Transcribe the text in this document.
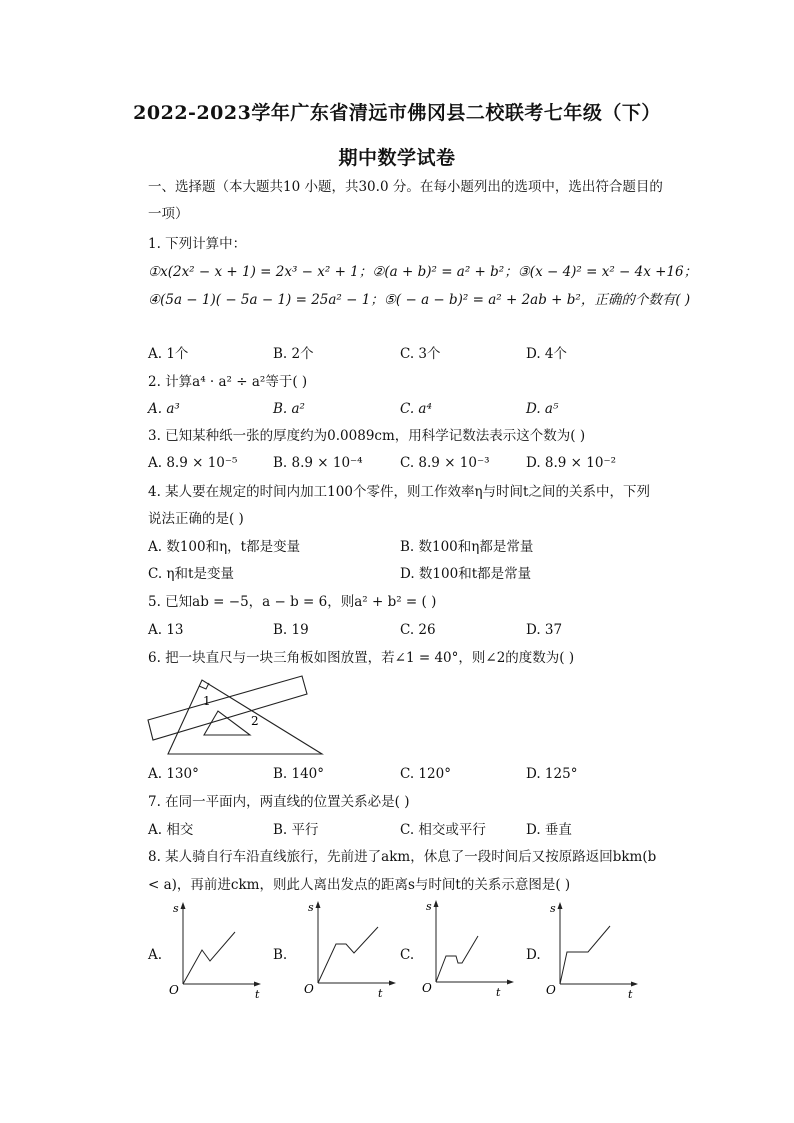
2022-2023学年广东省清远市佛冈县二校联考七年级（下）
期中数学试卷
一、选择题（本大题共10 小题，共30.0 分。在每小题列出的选项中，选出符合题目的
一项）
1. 下列计算中：
①x(2x² − x + 1) = 2x³ − x² + 1；②(a + b)² = a² + b²；③(x − 4)² = x² − 4x +16；
④(5a − 1)( − 5a − 1) = 25a² − 1；⑤( − a − b)² = a² + 2ab + b²，正确的个数有( )
A. 1个	B. 2个	C. 3个	D. 4个
2. 计算a⁴ · a² ÷ a²等于( )
A. a³	B. a²	C. a⁴	D. a⁵
3. 已知某种纸一张的厚度约为0.0089cm，用科学记数法表示这个数为( )
A. 8.9 × 10⁻⁵	B. 8.9 × 10⁻⁴	C. 8.9 × 10⁻³	D. 8.9 × 10⁻²
4. 某人要在规定的时间内加工100个零件，则工作效率η与时间t之间的关系中，下列
说法正确的是( )
A. 数100和η，t都是变量	B. 数100和η都是常量
C. η和t是变量	D. 数100和t都是常量
5. 已知ab = −5，a − b = 6，则a² + b² = ( )
A. 13	B. 19	C. 26	D. 37
6. 把一块直尺与一块三角板如图放置，若∠1 = 40°，则∠2的度数为( )
1
2
A. 130°	B. 140°	C. 120°	D. 125°
7. 在同一平面内，两直线的位置关系必是( )
A. 相交	B. 平行	C. 相交或平行	D. 垂直
8. 某人骑自行车沿直线旅行，先前进了akm，休息了一段时间后又按原路返回bkm(b
< a)，再前进ckm，则此人离出发点的距离s与时间t的关系示意图是( )
A.
s
O	t
B.
s
O	t
C.
s
O	t
D.
s
O	t
